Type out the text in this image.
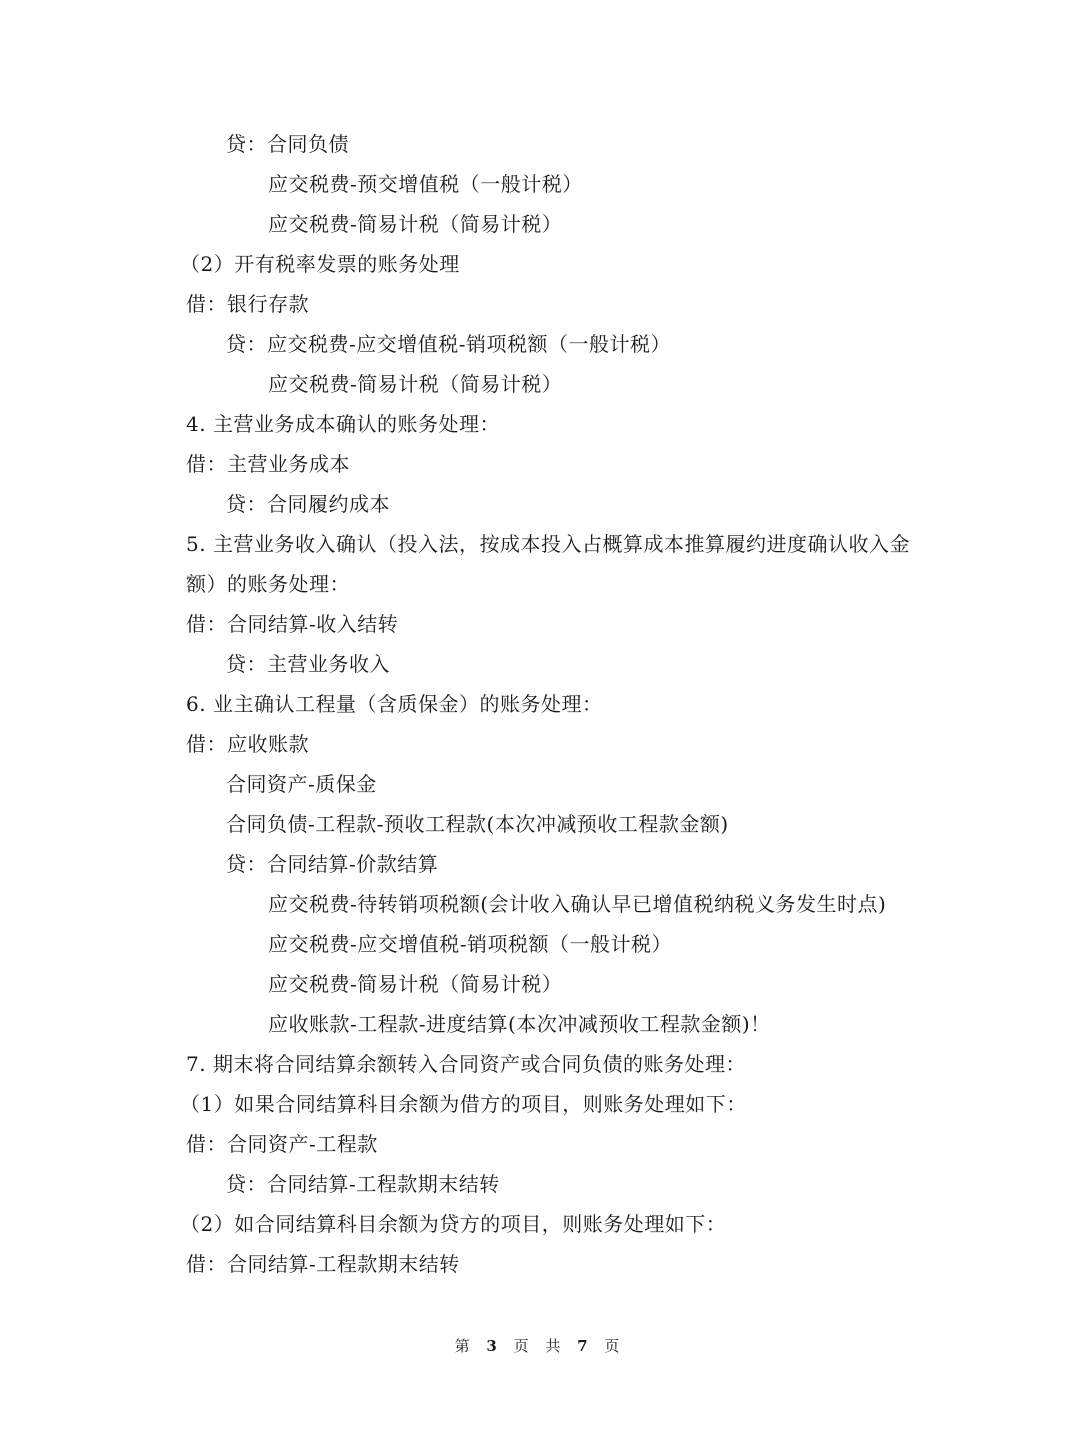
贷：合同负债
应交税费-预交增值税（一般计税）
应交税费-简易计税（简易计税）
（2）开有税率发票的账务处理
借：银行存款
贷：应交税费-应交增值税-销项税额（一般计税）
应交税费-简易计税（简易计税）
4. 主营业务成本确认的账务处理：
借：主营业务成本
贷：合同履约成本
5. 主营业务收入确认（投入法，按成本投入占概算成本推算履约进度确认收入金
额）的账务处理：
借：合同结算-收入结转
贷：主营业务收入
6. 业主确认工程量（含质保金）的账务处理：
借：应收账款
合同资产-质保金
合同负债-工程款-预收工程款(本次冲减预收工程款金额)
贷：合同结算-价款结算
应交税费-待转销项税额(会计收入确认早已增值税纳税义务发生时点)
应交税费-应交增值税-销项税额（一般计税）
应交税费-简易计税（简易计税）
应收账款-工程款-进度结算(本次冲减预收工程款金额)！
7. 期末将合同结算余额转入合同资产或合同负债的账务处理：
（1）如果合同结算科目余额为借方的项目，则账务处理如下：
借：合同资产-工程款
贷：合同结算-工程款期末结转
（2）如合同结算科目余额为贷方的项目，则账务处理如下：
借：合同结算-工程款期末结转
第 3 页 共 7 页
